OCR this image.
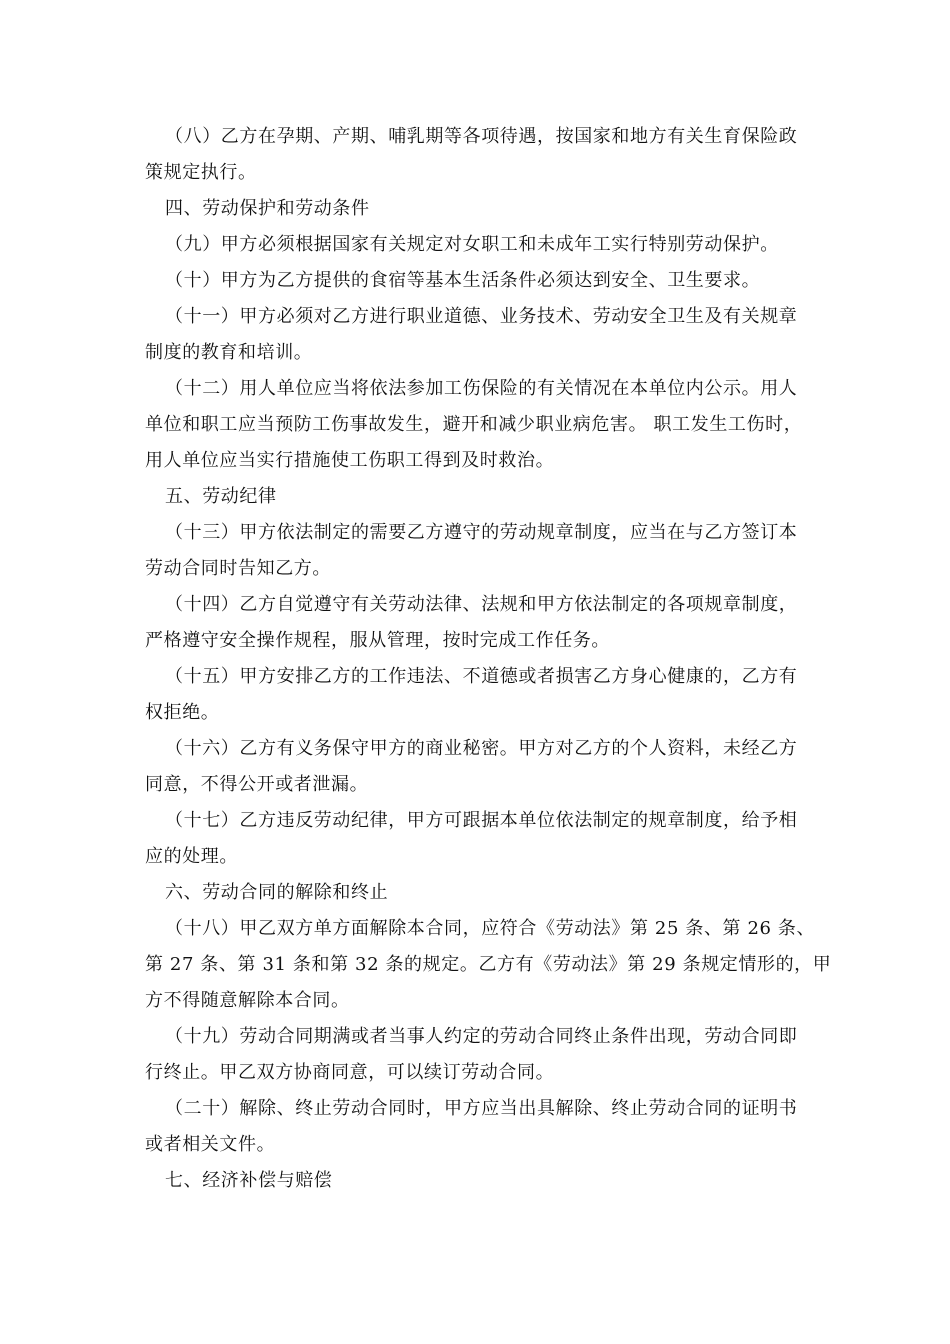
（八）乙方在孕期、产期、哺乳期等各项待遇，按国家和地方有关生育保险政
策规定执行。
四、劳动保护和劳动条件
（九）甲方必须根据国家有关规定对女职工和未成年工实行特别劳动保护。
（十）甲方为乙方提供的食宿等基本生活条件必须达到安全、卫生要求。
（十一）甲方必须对乙方进行职业道德、业务技术、劳动安全卫生及有关规章
制度的教育和培训。
（十二）用人单位应当将依法参加工伤保险的有关情况在本单位内公示。用人
单位和职工应当预防工伤事故发生，避开和减少职业病危害。 职工发生工伤时，
用人单位应当实行措施使工伤职工得到及时救治。
五、劳动纪律
（十三）甲方依法制定的需要乙方遵守的劳动规章制度，应当在与乙方签订本
劳动合同时告知乙方。
（十四）乙方自觉遵守有关劳动法律、法规和甲方依法制定的各项规章制度，
严格遵守安全操作规程，服从管理，按时完成工作任务。
（十五）甲方安排乙方的工作违法、不道德或者损害乙方身心健康的，乙方有
权拒绝。
（十六）乙方有义务保守甲方的商业秘密。甲方对乙方的个人资料，未经乙方
同意，不得公开或者泄漏。
（十七）乙方违反劳动纪律，甲方可跟据本单位依法制定的规章制度，给予相
应的处理。
六、劳动合同的解除和终止
（十八）甲乙双方单方面解除本合同，应符合《劳动法》第 25 条、第 26 条、
第 27 条、第 31 条和第 32 条的规定。乙方有《劳动法》第 29 条规定情形的，甲
方不得随意解除本合同。
（十九）劳动合同期满或者当事人约定的劳动合同终止条件出现，劳动合同即
行终止。甲乙双方协商同意，可以续订劳动合同。
（二十）解除、终止劳动合同时，甲方应当出具解除、终止劳动合同的证明书
或者相关文件。
七、经济补偿与赔偿
